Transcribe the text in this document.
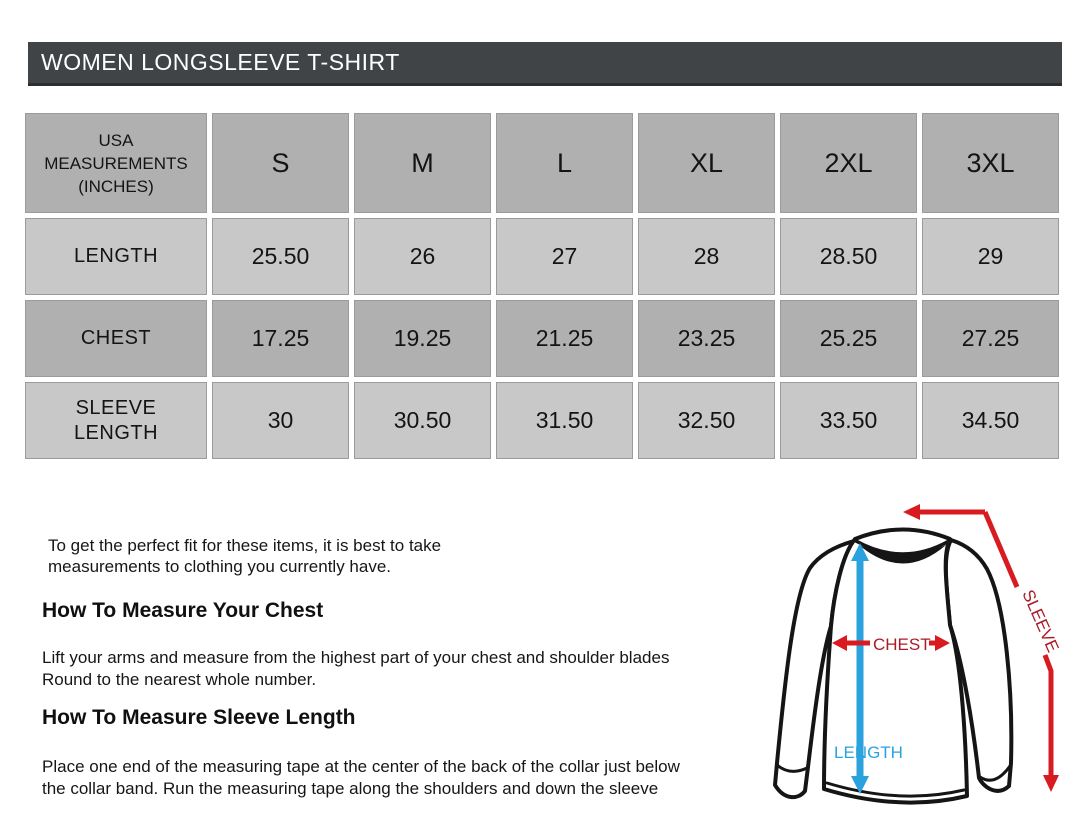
WOMEN LONGSLEEVE T-SHIRT
USA
MEASUREMENTS
(INCHES)	S	M	L	XL	2XL	3XL
LENGTH	25.50	26	27	28	28.50	29
CHEST	17.25	19.25	21.25	23.25	25.25	27.25
SLEEVE LENGTH	30	30.50	31.50	32.50	33.50	34.50

To get the perfect fit for these items, it is best to take
measurements to clothing you currently have.

How To Measure Your Chest

Lift your arms and measure from the highest part of your chest and shoulder blades
Round to the nearest whole number.

How To Measure Sleeve Length

Place one end of the measuring tape at the center of the back of the collar just below
the collar band. Run the measuring tape along the shoulders and down the sleeve

LENGTH
CHEST	SLEEVE
